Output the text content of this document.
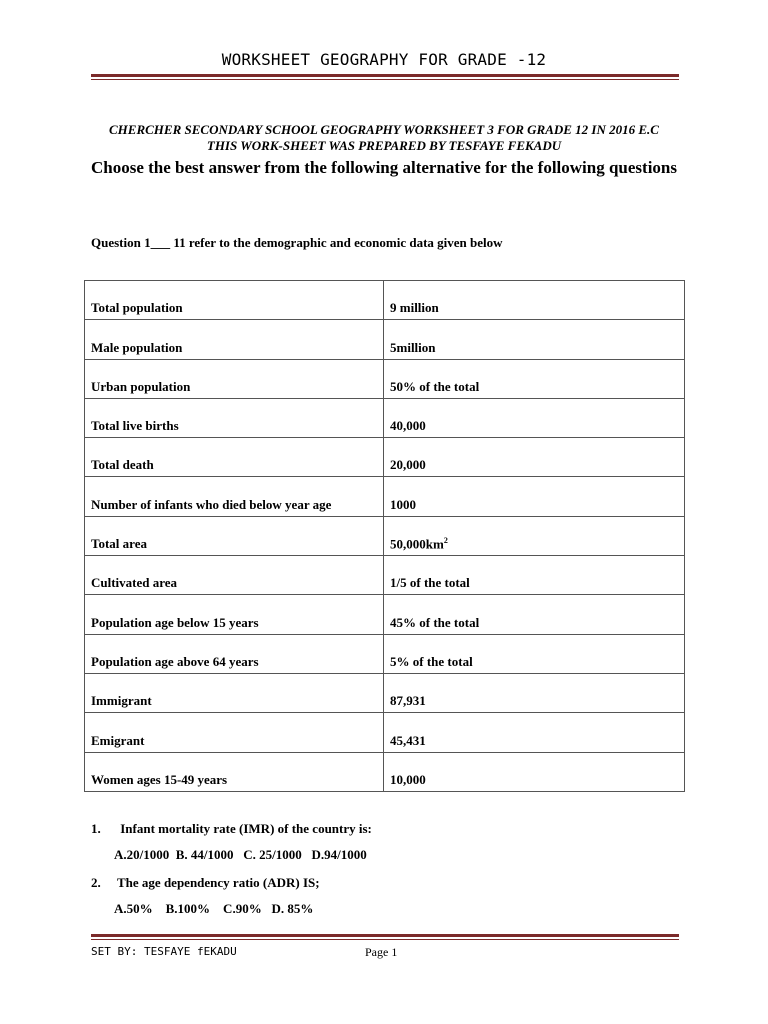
WORKSHEET GEOGRAPHY FOR GRADE -12
CHERCHER SECONDARY SCHOOL GEOGRAPHY WORKSHEET 3 FOR GRADE 12 IN 2016 E.C
THIS WORK-SHEET WAS PREPARED BY TESFAYE FEKADU
Choose the best answer from the following alternative for the following questions
Question 1___ 11 refer to the demographic and economic data given below
Total population	9 million
Male population	5million
Urban population	50% of the total
Total live births	40,000
Total death	20,000
Number of infants who died below year age	1000
Total area	$50,000km^2$
Cultivated area	1/5 of the total
Population age below 15 years	45% of the total
Population age above 64 years	5% of the total
Immigrant	87,931
Emigrant	45,431
Women ages 15-49 years	10,000
1. Infant mortality rate (IMR) of the country is:
A.20/1000  B. 44/1000   C. 25/1000   D.94/1000
2. The age dependency ratio (ADR) IS;
A.50%    B.100%    C.90%   D. 85%
SET BY: TESFAYE fEKADU	Page 1
